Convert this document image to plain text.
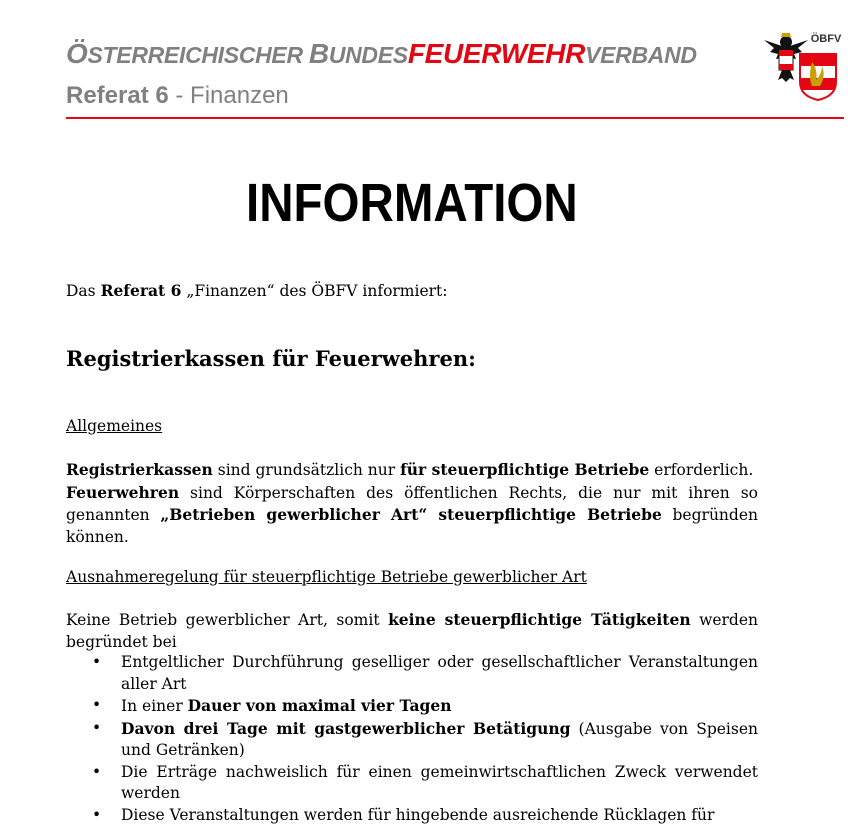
ÖSTERREICHISCHER BUNDESFEUERWEHRVERBAND
Referat 6 - Finanzen
ÖBFV
INFORMATION
Das Referat 6 „Finanzen“ des ÖBFV informiert:
Registrierkassen für Feuerwehren:
Allgemeines
Registrierkassen sind grundsätzlich nur für steuerpflichtige Betriebe erforderlich.
Feuerwehren sind Körperschaften des öffentlichen Rechts, die nur mit ihren so genannten „Betrieben gewerblicher Art“ steuerpflichtige Betriebe begründen können.
Ausnahmeregelung für steuerpflichtige Betriebe gewerblicher Art
Keine Betrieb gewerblicher Art, somit keine steuerpflichtige Tätigkeiten werden begründet bei
• Entgeltlicher Durchführung geselliger oder gesellschaftlicher Veranstaltungen aller Art
• In einer Dauer von maximal vier Tagen
• Davon drei Tage mit gastgewerblicher Betätigung (Ausgabe von Speisen und Getränken)
• Die Erträge nachweislich für einen gemeinwirtschaftlichen Zweck verwendet werden
• Diese Veranstaltungen werden für hingebende ausreichende Rücklagen für
